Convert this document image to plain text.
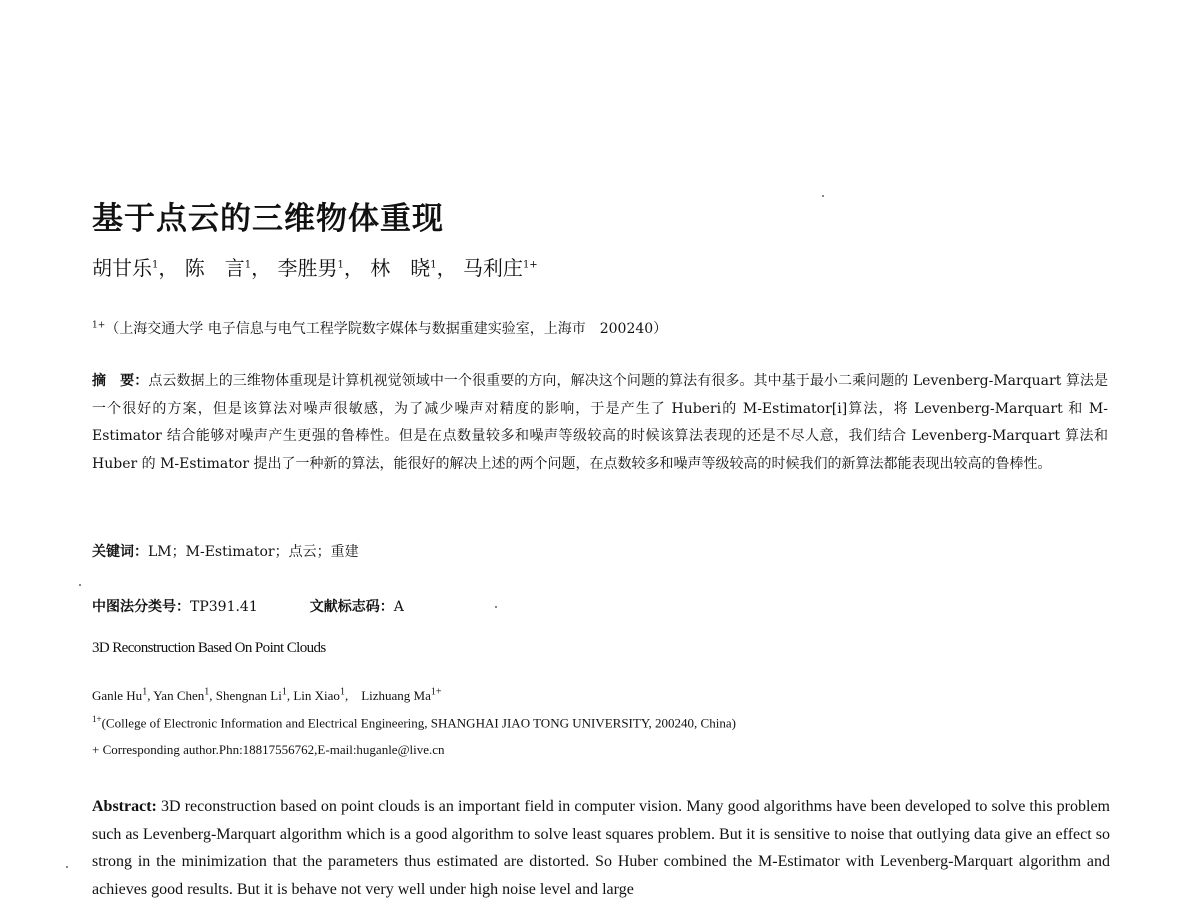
基于点云的三维物体重现
胡甘乐$^1$， 陈　言$^1$， 李胜男$^1$， 林　晓$^1$， 马利庄$^{1+}$
$^{1+}$（上海交通大学 电子信息与电气工程学院数字媒体与数据重建实验室，上海市　200240）
摘　要：点云数据上的三维物体重现是计算机视觉领域中一个很重要的方向，解决这个问题的算法有很多。其中基于最小二乘问题的 Levenberg-Marquart 算法是一个很好的方案，但是该算法对噪声很敏感，为了减少噪声对精度的影响，于是产生了 Huberi的 M-Estimator[i]算法，将 Levenberg-Marquart 和 M-Estimator 结合能够对噪声产生更强的鲁棒性。但是在点数量较多和噪声等级较高的时候该算法表现的还是不尽人意，我们结合 Levenberg-Marquart 算法和 Huber 的 M-Estimator 提出了一种新的算法，能很好的解决上述的两个问题，在点数较多和噪声等级较高的时候我们的新算法都能表现出较高的鲁棒性。
关键词：LM；M-Estimator；点云；重建
中图法分类号：TP391.41	文献标志码：A
3D Reconstruction Based On Point Clouds
Ganle Hu$^1$, Yan Chen$^1$, Shengnan Li$^1$, Lin Xiao$^1$,    Lizhuang $Ma^{1+}$
$^{1+}$(College of Electronic Information and Electrical Engineering, SHANGHAI JIAO TONG UNIVERSITY, 200240, China)
+ Corresponding author.Phn:18817556762,E-mail:huganle@live.cn
Abstract: 3D reconstruction based on point clouds is an important field in computer vision. Many good algorithms have been developed to solve this problem such as Levenberg-Marquart algorithm which is a good algorithm to solve least squares problem. But it is sensitive to noise that outlying data give an effect so strong in the minimization that the parameters thus estimated are distorted. So Huber combined the M-Estimator with Levenberg-Marquart algorithm and achieves good results. But it is behave not very well under high noise level and large
